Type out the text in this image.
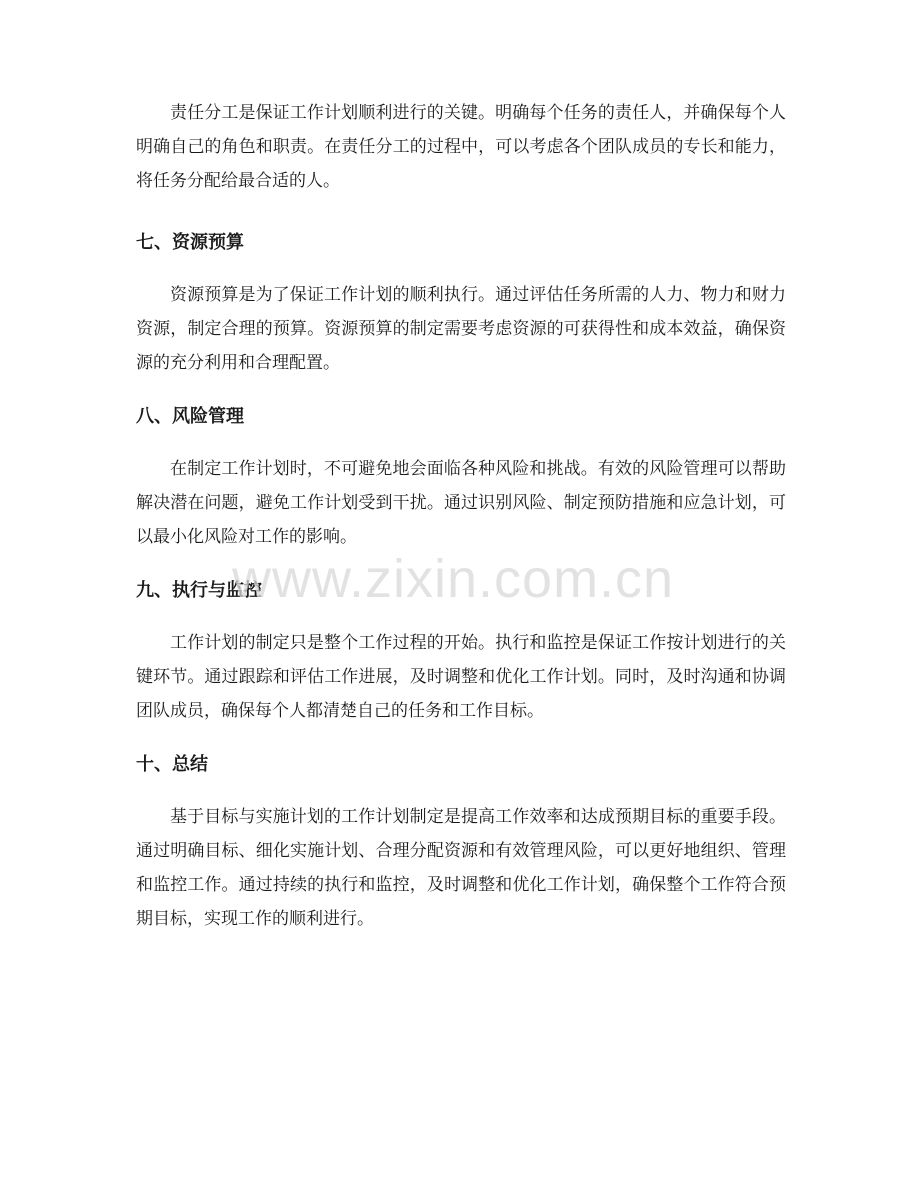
责任分工是保证工作计划顺利进行的关键。明确每个任务的责任人，并确保每个人明确自己的角色和职责。在责任分工的过程中，可以考虑各个团队成员的专长和能力，将任务分配给最合适的人。

七、资源预算

资源预算是为了保证工作计划的顺利执行。通过评估任务所需的人力、物力和财力资源，制定合理的预算。资源预算的制定需要考虑资源的可获得性和成本效益，确保资源的充分利用和合理配置。

八、风险管理

在制定工作计划时，不可避免地会面临各种风险和挑战。有效的风险管理可以帮助解决潜在问题，避免工作计划受到干扰。通过识别风险、制定预防措施和应急计划，可以最小化风险对工作的影响。

九、执行与监控

工作计划的制定只是整个工作过程的开始。执行和监控是保证工作按计划进行的关键环节。通过跟踪和评估工作进展，及时调整和优化工作计划。同时，及时沟通和协调团队成员，确保每个人都清楚自己的任务和工作目标。

十、总结

基于目标与实施计划的工作计划制定是提高工作效率和达成预期目标的重要手段。通过明确目标、细化实施计划、合理分配资源和有效管理风险，可以更好地组织、管理和监控工作。通过持续的执行和监控，及时调整和优化工作计划，确保整个工作符合预期目标，实现工作的顺利进行。

www.zixin.com.cn
